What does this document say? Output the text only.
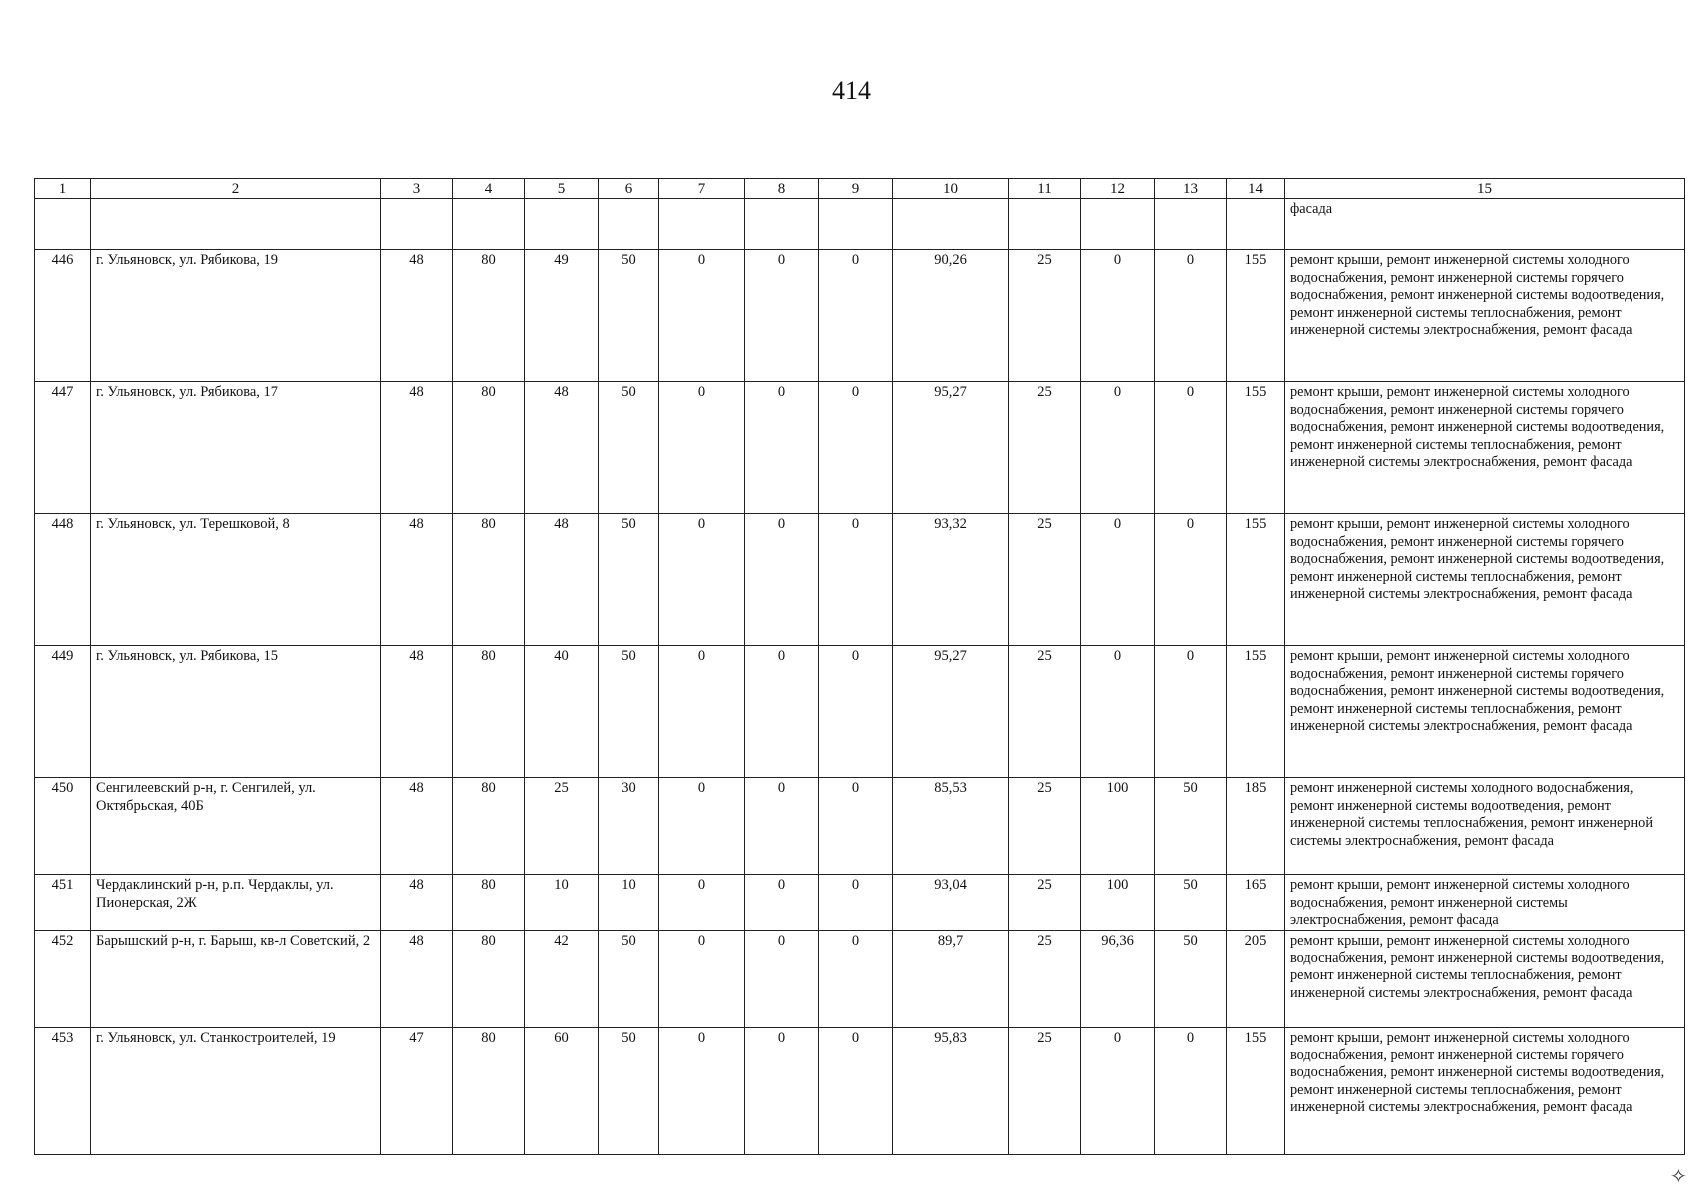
414
1	2	3	4	5	6	7	8	9	10	11	12	13	14	15
														фасада
446	г. Ульяновск, ул. Рябикова, 19	48	80	49	50	0	0	0	90,26	25	0	0	155	ремонт крыши, ремонт инженерной системы холодного водоснабжения, ремонт инженерной системы горячего водоснабжения, ремонт инженерной системы водоотведения, ремонт инженерной системы теплоснабжения, ремонт инженерной системы электроснабжения, ремонт фасада
447	г. Ульяновск, ул. Рябикова, 17	48	80	48	50	0	0	0	95,27	25	0	0	155	ремонт крыши, ремонт инженерной системы холодного водоснабжения, ремонт инженерной системы горячего водоснабжения, ремонт инженерной системы водоотведения, ремонт инженерной системы теплоснабжения, ремонт инженерной системы электроснабжения, ремонт фасада
448	г. Ульяновск, ул. Терешковой, 8	48	80	48	50	0	0	0	93,32	25	0	0	155	ремонт крыши, ремонт инженерной системы холодного водоснабжения, ремонт инженерной системы горячего водоснабжения, ремонт инженерной системы водоотведения, ремонт инженерной системы теплоснабжения, ремонт инженерной системы электроснабжения, ремонт фасада
449	г. Ульяновск, ул. Рябикова, 15	48	80	40	50	0	0	0	95,27	25	0	0	155	ремонт крыши, ремонт инженерной системы холодного водоснабжения, ремонт инженерной системы горячего водоснабжения, ремонт инженерной системы водоотведения, ремонт инженерной системы теплоснабжения, ремонт инженерной системы электроснабжения, ремонт фасада
450	Сенгилеевский р-н, г. Сенгилей, ул. Октябрьская, 40Б	48	80	25	30	0	0	0	85,53	25	100	50	185	ремонт инженерной системы холодного водоснабжения, ремонт инженерной системы водоотведения, ремонт инженерной системы теплоснабжения, ремонт инженерной системы электроснабжения, ремонт фасада
451	Чердаклинский р-н, р.п. Чердаклы, ул. Пионерская, 2Ж	48	80	10	10	0	0	0	93,04	25	100	50	165	ремонт крыши, ремонт инженерной системы холодного водоснабжения, ремонт инженерной системы электроснабжения, ремонт фасада
452	Барышский р-н, г. Барыш, кв-л Советский, 2	48	80	42	50	0	0	0	89,7	25	96,36	50	205	ремонт крыши, ремонт инженерной системы холодного водоснабжения, ремонт инженерной системы водоотведения, ремонт инженерной системы теплоснабжения, ремонт инженерной системы электроснабжения, ремонт фасада
453	г. Ульяновск, ул. Станкостроителей, 19	47	80	60	50	0	0	0	95,83	25	0	0	155	ремонт крыши, ремонт инженерной системы холодного водоснабжения, ремонт инженерной системы горячего водоснабжения, ремонт инженерной системы водоотведения, ремонт инженерной системы теплоснабжения, ремонт инженерной системы электроснабжения, ремонт фасада
✧
